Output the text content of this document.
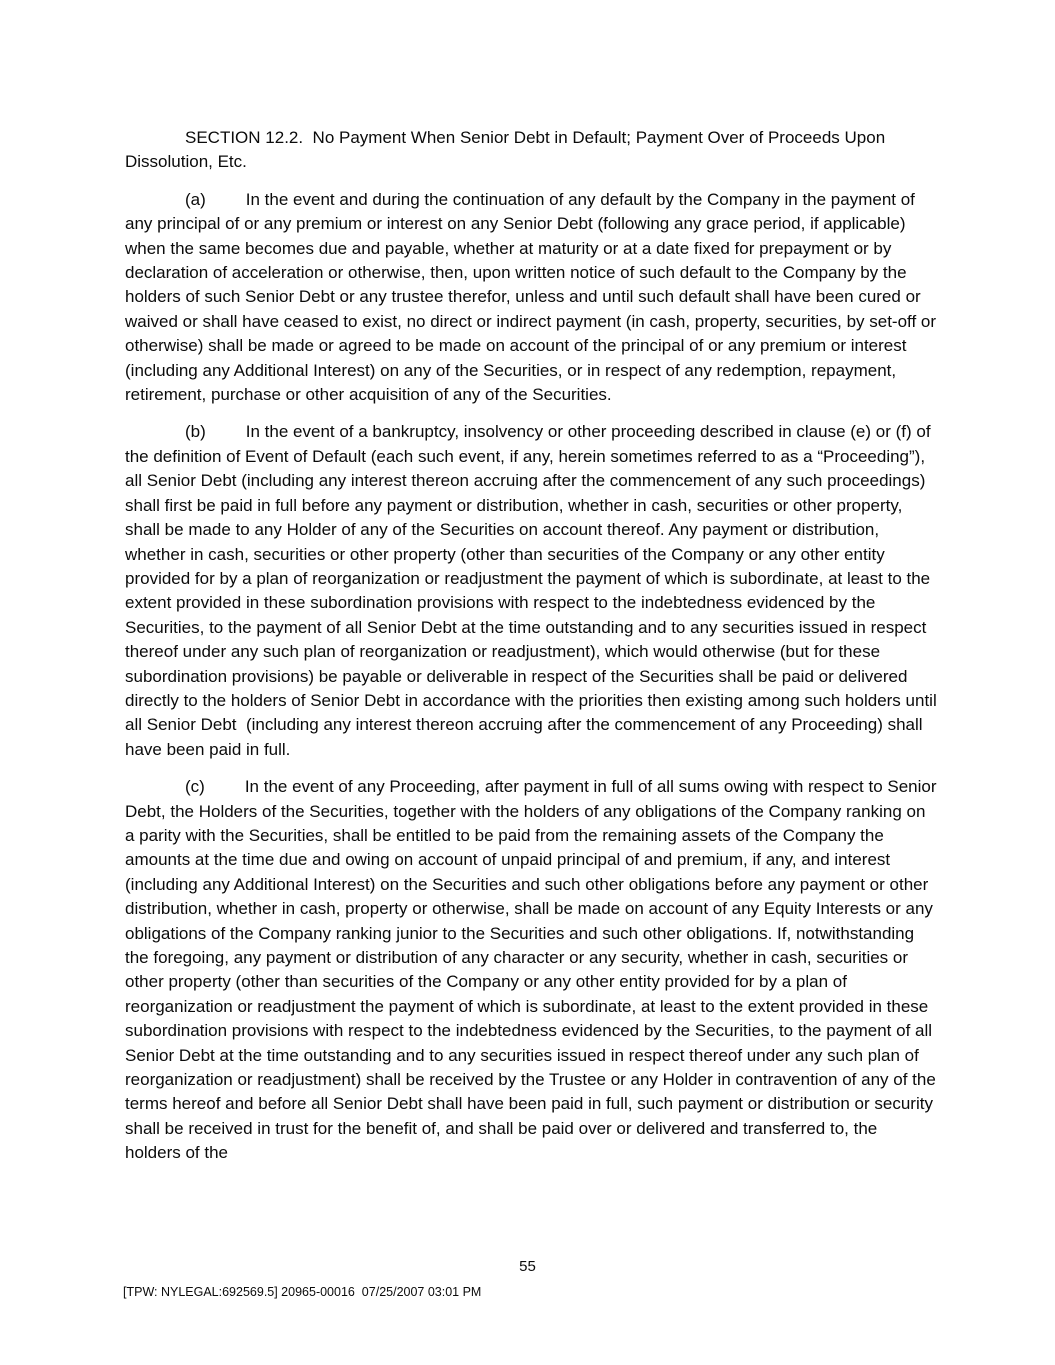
SECTION 12.2.  No Payment When Senior Debt in Default; Payment Over of Proceeds Upon Dissolution, Etc.

(a) In the event and during the continuation of any default by the Company in the payment of any principal of or any premium or interest on any Senior Debt (following any grace period, if applicable) when the same becomes due and payable, whether at maturity or at a date fixed for prepayment or by declaration of acceleration or otherwise, then, upon written notice of such default to the Company by the holders of such Senior Debt or any trustee therefor, unless and until such default shall have been cured or waived or shall have ceased to exist, no direct or indirect payment (in cash, property, securities, by set-off or otherwise) shall be made or agreed to be made on account of the principal of or any premium or interest (including any Additional Interest) on any of the Securities, or in respect of any redemption, repayment, retirement, purchase or other acquisition of any of the Securities.

(b) In the event of a bankruptcy, insolvency or other proceeding described in clause (e) or (f) of the definition of Event of Default (each such event, if any, herein sometimes referred to as a “Proceeding”), all Senior Debt (including any interest thereon accruing after the commencement of any such proceedings) shall first be paid in full before any payment or distribution, whether in cash, securities or other property, shall be made to any Holder of any of the Securities on account thereof. Any payment or distribution, whether in cash, securities or other property (other than securities of the Company or any other entity provided for by a plan of reorganization or readjustment the payment of which is subordinate, at least to the extent provided in these subordination provisions with respect to the indebtedness evidenced by the Securities, to the payment of all Senior Debt at the time outstanding and to any securities issued in respect thereof under any such plan of reorganization or readjustment), which would otherwise (but for these subordination provisions) be payable or deliverable in respect of the Securities shall be paid or delivered directly to the holders of Senior Debt in accordance with the priorities then existing among such holders until all Senior Debt  (including any interest thereon accruing after the commencement of any Proceeding) shall have been paid in full.

(c) In the event of any Proceeding, after payment in full of all sums owing with respect to Senior Debt, the Holders of the Securities, together with the holders of any obligations of the Company ranking on a parity with the Securities, shall be entitled to be paid from the remaining assets of the Company the amounts at the time due and owing on account of unpaid principal of and premium, if any, and interest (including any Additional Interest) on the Securities and such other obligations before any payment or other distribution, whether in cash, property or otherwise, shall be made on account of any Equity Interests or any obligations of the Company ranking junior to the Securities and such other obligations. If, notwithstanding the foregoing, any payment or distribution of any character or any security, whether in cash, securities or other property (other than securities of the Company or any other entity provided for by a plan of reorganization or readjustment the payment of which is subordinate, at least to the extent provided in these subordination provisions with respect to the indebtedness evidenced by the Securities, to the payment of all Senior Debt at the time outstanding and to any securities issued in respect thereof under any such plan of reorganization or readjustment) shall be received by the Trustee or any Holder in contravention of any of the terms hereof and before all Senior Debt shall have been paid in full, such payment or distribution or security shall be received in trust for the benefit of, and shall be paid over or delivered and transferred to, the holders of the

55
[TPW: NYLEGAL:692569.5] 20965-00016  07/25/2007 03:01 PM
